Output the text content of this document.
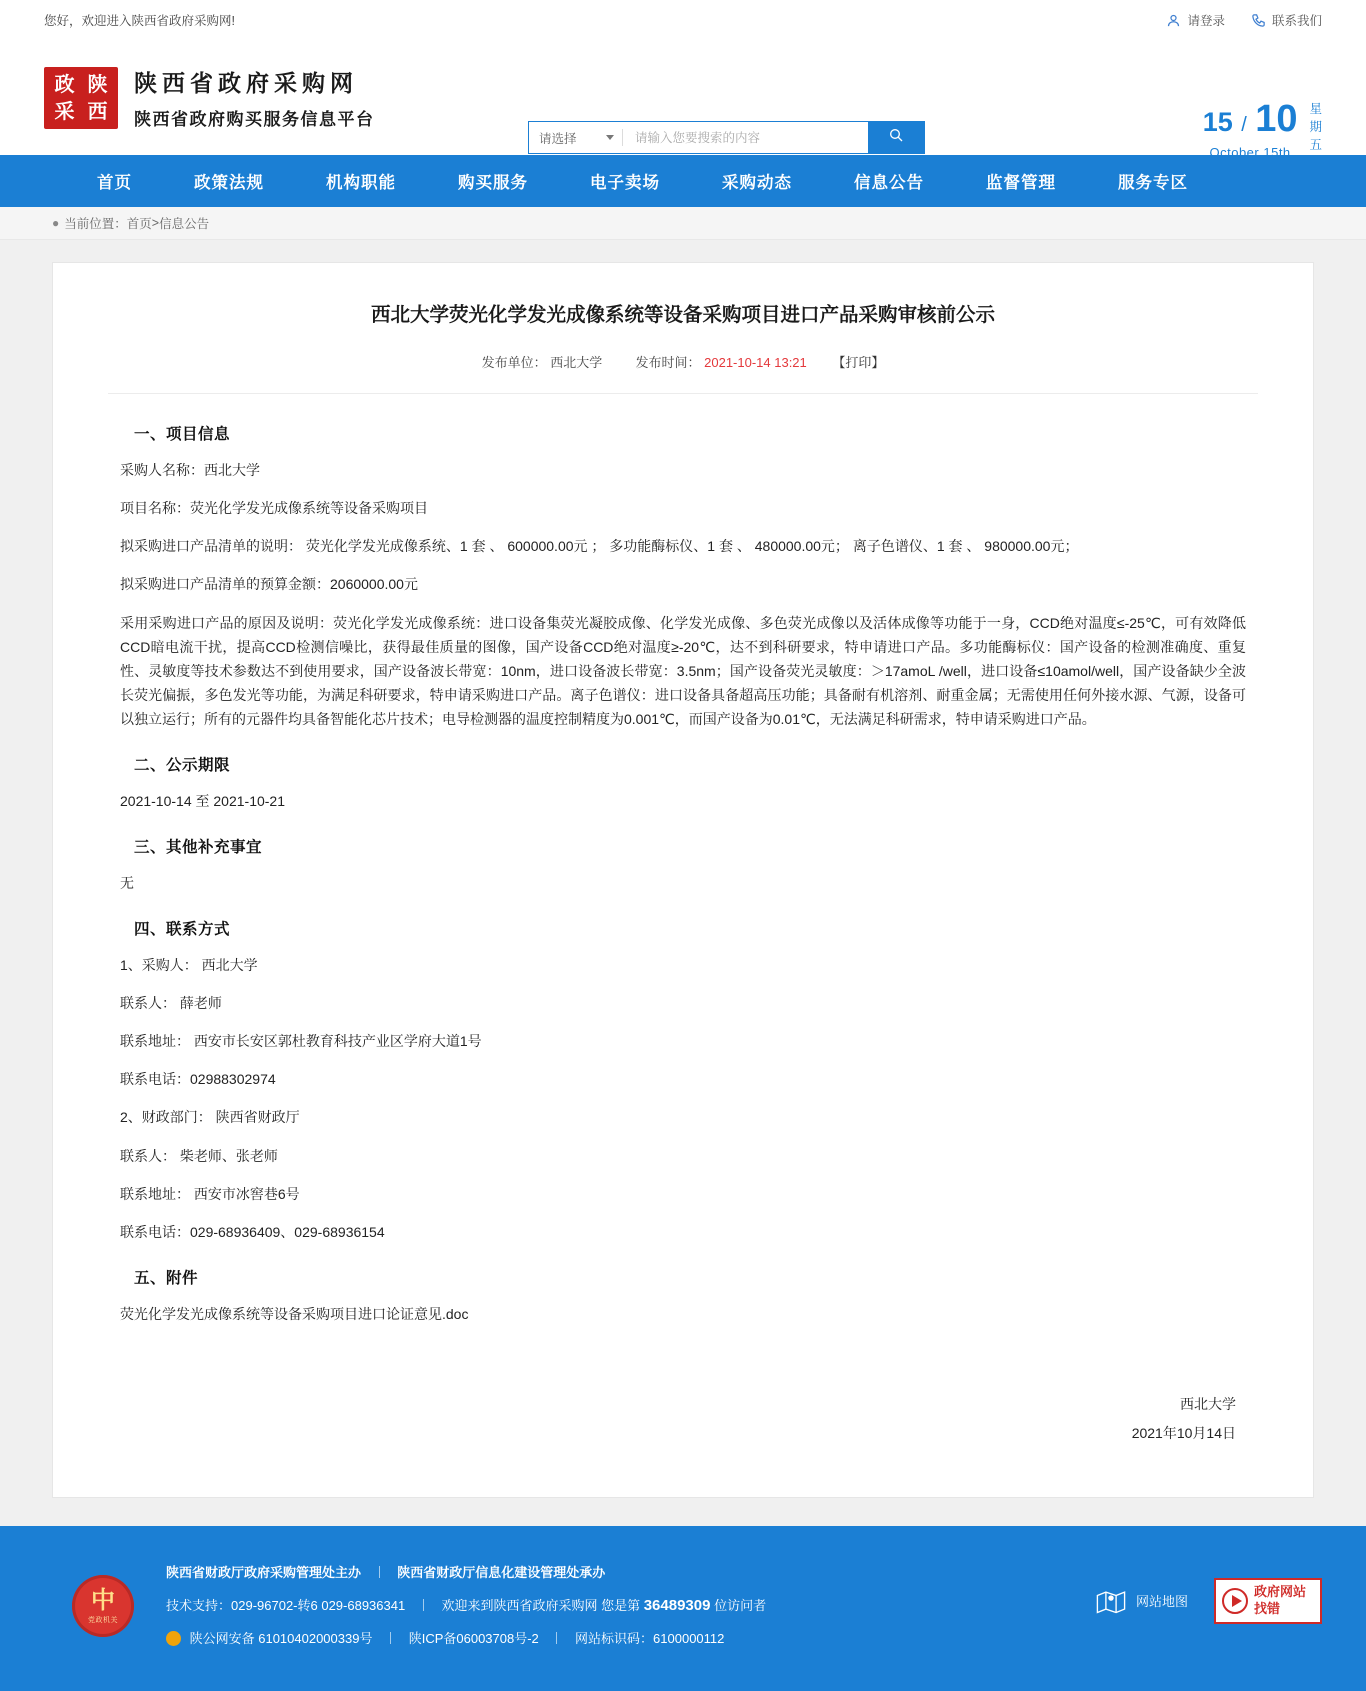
您好，欢迎进入陕西省政府采购网!	请登录	联系我们
政 陕
采 西
陕西省政府采购网
陕西省政府购买服务信息平台
请选择
请输入您要搜索的内容
15 / 10
October 15th
星
期
五
首页	政策法规	机构职能	购买服务	电子卖场	采购动态	信息公告	监督管理	服务专区
● 当前位置： 首页 > 信息公告
西北大学荧光化学发光成像系统等设备采购项目进口产品采购审核前公示
发布单位： 西北大学	发布时间： 2021-10-14 13:21 【打印】
一、项目信息

采购人名称：西北大学

项目名称：荧光化学发光成像系统等设备采购项目

拟采购进口产品清单的说明： 荧光化学发光成像系统、1 套 、 600000.00元 ； 多功能酶标仪、1 套 、 480000.00元； 离子色谱仪、1 套 、 980000.00元；

拟采购进口产品清单的预算金额：2060000.00元

采用采购进口产品的原因及说明：荧光化学发光成像系统：进口设备集荧光凝胶成像、化学发光成像、多色荧光成像以及活体成像等功能于一身，CCD绝对温度≤-25℃，可有效降低CCD暗电流干扰，提高CCD检测信噪比，获得最佳质量的图像，国产设备CCD绝对温度≥-20℃，达不到科研要求，特申请进口产品。多功能酶标仪：国产设备的检测准确度、重复性、灵敏度等技术参数达不到使用要求，国产设备波长带宽：10nm，进口设备波长带宽：3.5nm；国产设备荧光灵敏度：＞17amoL /well，进口设备≤10amol/well，国产设备缺少全波长荧光偏振，多色发光等功能，为满足科研要求，特申请采购进口产品。离子色谱仪：进口设备具备超高压功能；具备耐有机溶剂、耐重金属；无需使用任何外接水源、气源，设备可以独立运行；所有的元器件均具备智能化芯片技术；电导检测器的温度控制精度为0.001℃，而国产设备为0.01℃，无法满足科研需求，特申请采购进口产品。

二、公示期限

2021-10-14 至 2021-10-21

三、其他补充事宜

无

四、联系方式

1、采购人： 西北大学

联系人： 薛老师

联系地址： 西安市长安区郭杜教育科技产业区学府大道1号

联系电话：02988302974

2、财政部门： 陕西省财政厅

联系人： 柴老师、张老师

联系地址： 西安市冰窖巷6号

联系电话：029-68936409、029-68936154

五、附件

荧光化学发光成像系统等设备采购项目进口论证意见.doc

西北大学
2021年10月14日
中
党政机关
陕西省财政厅政府采购管理处主办	陕西省财政厅信息化建设管理处承办
技术支持：029-96702-转6 029-68936341	欢迎来到陕西省政府采购网 您是第 36489309 位访问者
陕公网安备 61010402000339号	陕ICP备06003708号-2	网站标识码：6100000112
网站地图
政府网站
找错
